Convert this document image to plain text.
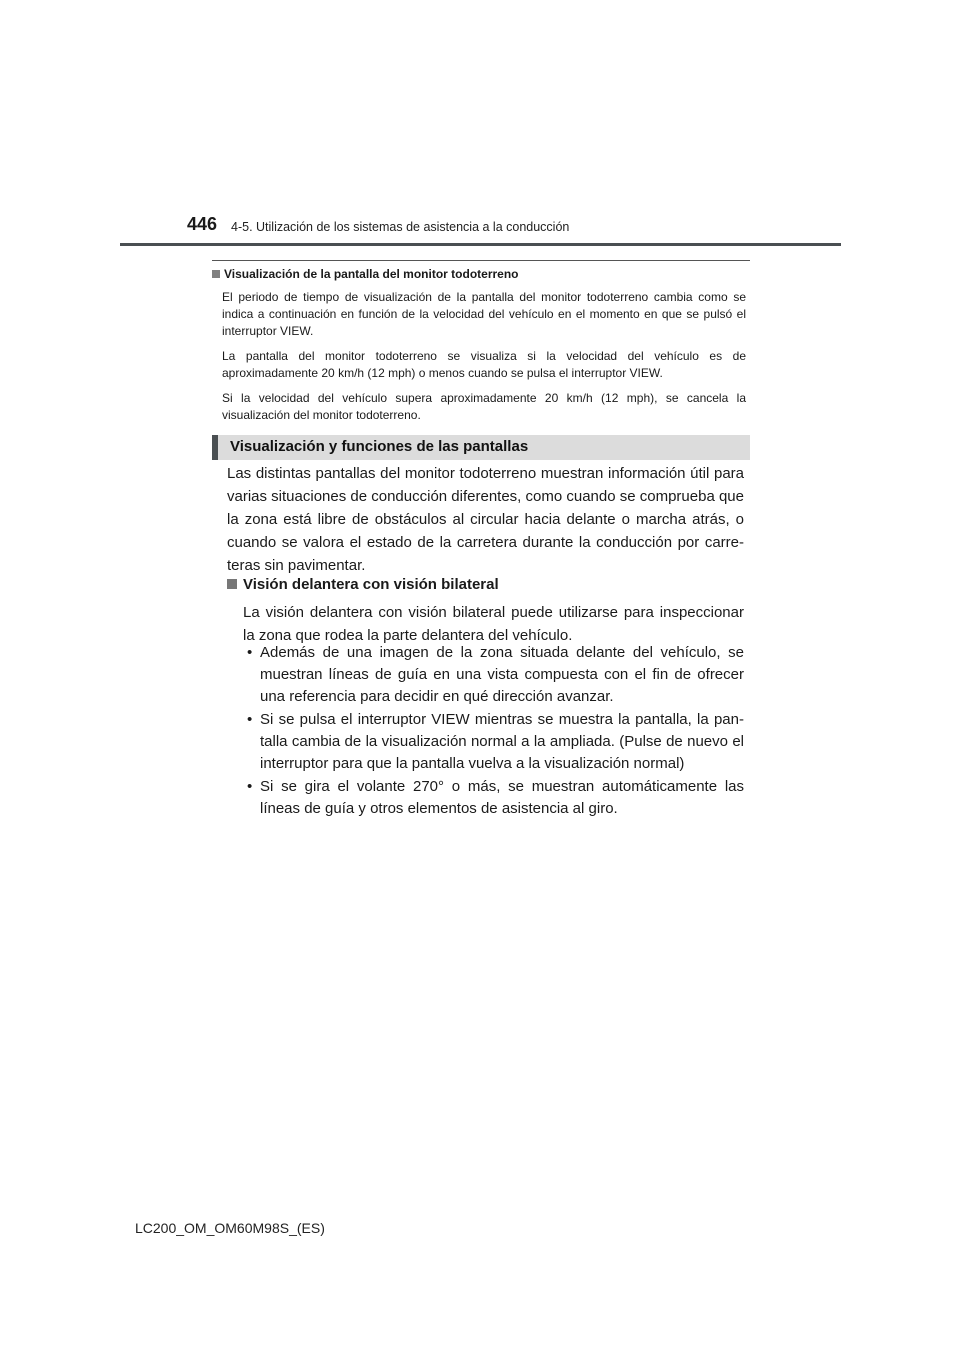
446 4-5. Utilización de los sistemas de asistencia a la conducción

Visualización de la pantalla del monitor todoterreno

El periodo de tiempo de visualización de la pantalla del monitor todoterreno cambia como se indica a continuación en función de la velocidad del vehículo en el momento en que se pulsó el interruptor VIEW.

La pantalla del monitor todoterreno se visualiza si la velocidad del vehículo es de aproximadamente 20 km/h (12 mph) o menos cuando se pulsa el interruptor VIEW.

Si la velocidad del vehículo supera aproximadamente 20 km/h (12 mph), se cancela la visualización del monitor todoterreno.

Visualización y funciones de las pantallas

Las distintas pantallas del monitor todoterreno muestran información útil para varias situaciones de conducción diferentes, como cuando se comprueba que la zona está libre de obstáculos al circular hacia delante o marcha atrás, o cuando se valora el estado de la carretera durante la conducción por carre-teras sin pavimentar.

Visión delantera con visión bilateral

La visión delantera con visión bilateral puede utilizarse para inspeccionar la zona que rodea la parte delantera del vehículo.

• Además de una imagen de la zona situada delante del vehículo, se muestran líneas de guía en una vista compuesta con el fin de ofrecer una referencia para decidir en qué dirección avanzar.
• Si se pulsa el interruptor VIEW mientras se muestra la pantalla, la pan-talla cambia de la visualización normal a la ampliada. (Pulse de nuevo el interruptor para que la pantalla vuelva a la visualización normal)
• Si se gira el volante 270° o más, se muestran automáticamente las líneas de guía y otros elementos de asistencia al giro.
LC200_OM_OM60M98S_(ES)
